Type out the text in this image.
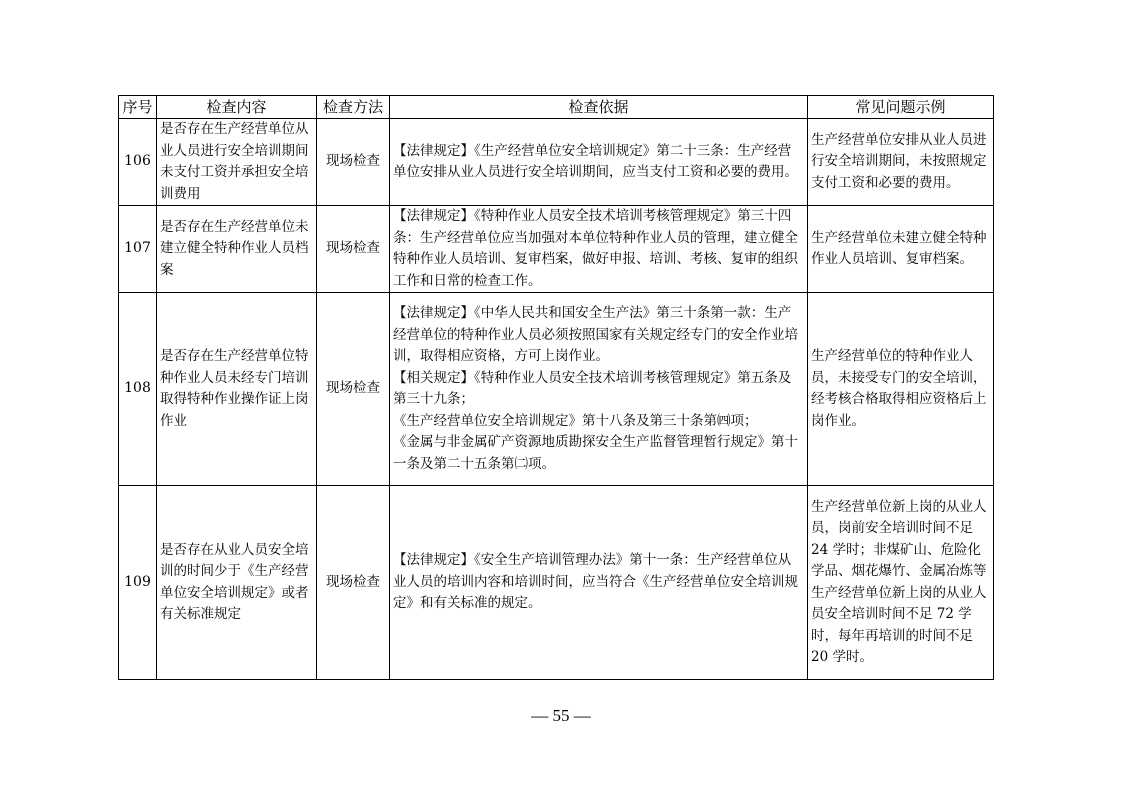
序号	检查内容	检查方法	检查依据	常见问题示例
106	是否存在生产经营单位从业人员进行安全培训期间未支付工资并承担安全培训费用	现场检查	【法律规定】《生产经营单位安全培训规定》第二十三条：生产经营单位安排从业人员进行安全培训期间，应当支付工资和必要的费用。	生产经营单位安排从业人员进行安全培训期间，未按照规定支付工资和必要的费用。
107	是否存在生产经营单位未建立健全特种作业人员档案	现场检查	【法律规定】《特种作业人员安全技术培训考核管理规定》第三十四条：生产经营单位应当加强对本单位特种作业人员的管理，建立健全特种作业人员培训、复审档案，做好申报、培训、考核、复审的组织工作和日常的检查工作。	生产经营单位未建立健全特种作业人员培训、复审档案。
108	是否存在生产经营单位特种作业人员未经专门培训取得特种作业操作证上岗作业	现场检查	【法律规定】《中华人民共和国安全生产法》第三十条第一款：生产经营单位的特种作业人员必须按照国家有关规定经专门的安全作业培训，取得相应资格，方可上岗作业。

【相关规定】《特种作业人员安全技术培训考核管理规定》第五条及第三十九条；

《生产经营单位安全培训规定》第十八条及第三十条第㈣项；

《金属与非金属矿产资源地质勘探安全生产监督管理暂行规定》第十一条及第二十五条第㈡项。	生产经营单位的特种作业人员，未接受专门的安全培训，经考核合格取得相应资格后上岗作业。
109	是否存在从业人员安全培训的时间少于《生产经营单位安全培训规定》或者有关标准规定	现场检查	【法律规定】《安全生产培训管理办法》第十一条：生产经营单位从业人员的培训内容和培训时间，应当符合《生产经营单位安全培训规定》和有关标准的规定。	生产经营单位新上岗的从业人员，岗前安全培训时间不足 24 学时；非煤矿山、危险化学品、烟花爆竹、金属冶炼等生产经营单位新上岗的从业人员安全培训时间不足 72 学时，每年再培训的时间不足 20 学时。
— 55 —
